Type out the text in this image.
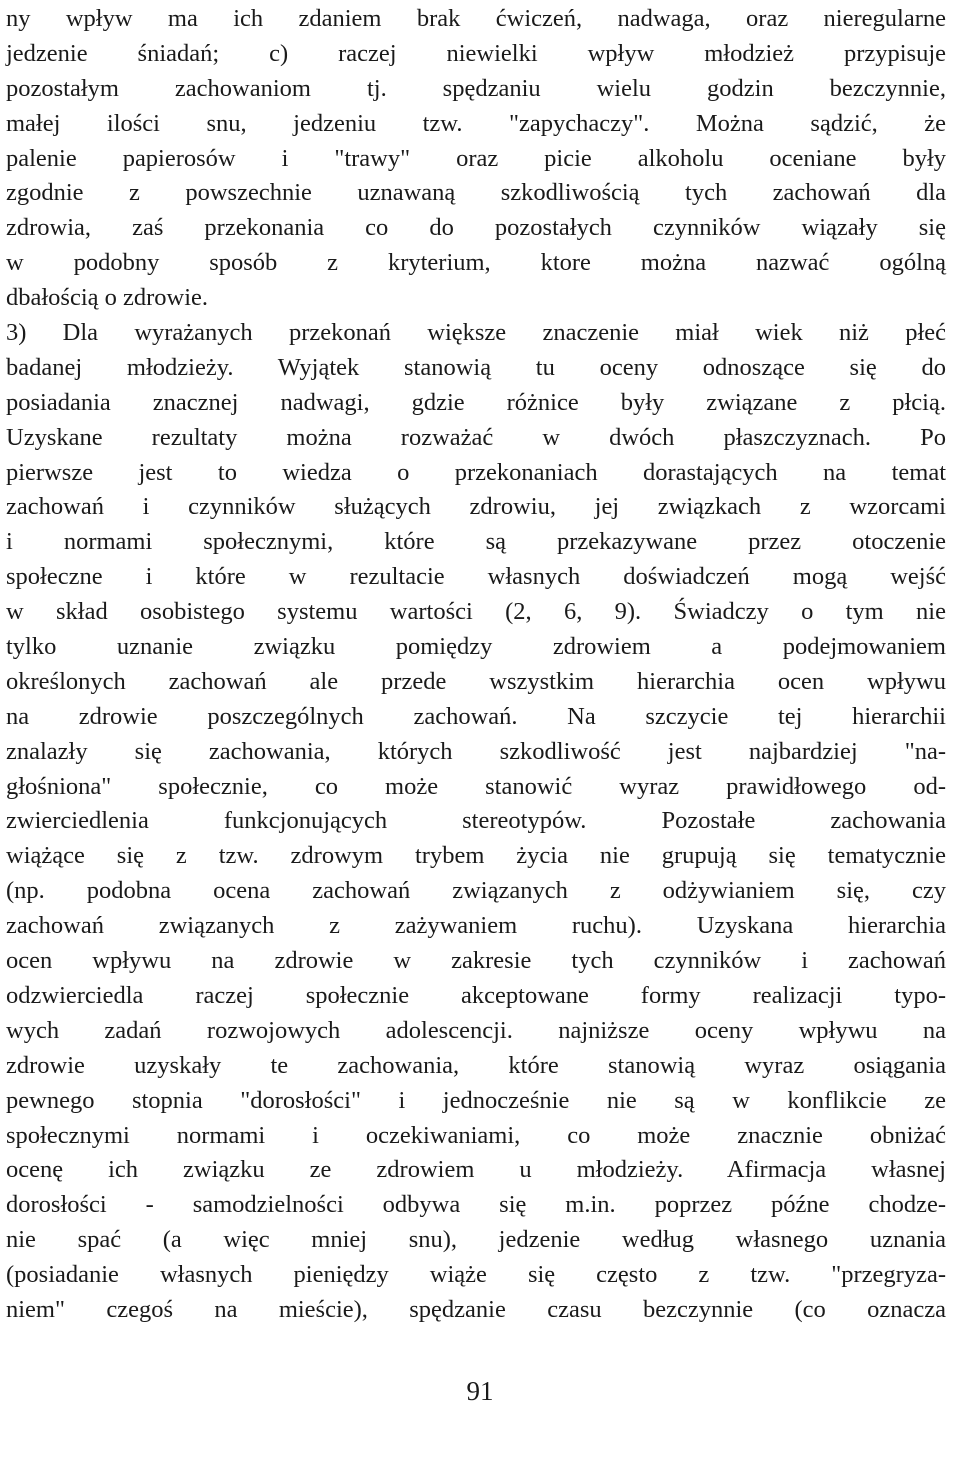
ny wpływ ma ich zdaniem brak ćwiczeń, nadwaga, oraz nieregularne
jedzenie śniadań; c) raczej niewielki wpływ młodzież przypisuje
pozostałym zachowaniom tj. spędzaniu wielu godzin bezczynnie,
małej ilości snu, jedzeniu tzw. "zapychaczy". Można sądzić, że
palenie papierosów i "trawy" oraz picie alkoholu oceniane były
zgodnie z powszechnie uznawaną szkodliwością tych zachowań dla
zdrowia, zaś przekonania co do pozostałych czynników wiązały się
w podobny sposób z kryterium, ktore można nazwać ogólną
dbałością o zdrowie.
3) Dla wyrażanych przekonań większe znaczenie miał wiek niż płeć
badanej młodzieży. Wyjątek stanowią tu oceny odnoszące się do
posiadania znacznej nadwagi, gdzie różnice były związane z płcią.
Uzyskane rezultaty można rozważać w dwóch płaszczyznach. Po
pierwsze jest to wiedza o przekonaniach dorastających na temat
zachowań i czynników służących zdrowiu, jej związkach z wzorcami
i normami społecznymi, które są przekazywane przez otoczenie
społeczne i które w rezultacie własnych doświadczeń mogą wejść
w skład osobistego systemu wartości (2, 6, 9). Świadczy o tym nie
tylko uznanie związku pomiędzy zdrowiem a podejmowaniem
określonych zachowań ale przede wszystkim hierarchia ocen wpływu
na zdrowie poszczególnych zachowań. Na szczycie tej hierarchii
znalazły się zachowania, których szkodliwość jest najbardziej "na-
głośniona" społecznie, co może stanowić wyraz prawidłowego od-
zwierciedlenia funkcjonujących stereotypów. Pozostałe zachowania
wiążące się z tzw. zdrowym trybem życia nie grupują się tematycznie
(np. podobna ocena zachowań związanych z odżywianiem się, czy
zachowań związanych z zażywaniem ruchu). Uzyskana hierarchia
ocen wpływu na zdrowie w zakresie tych czynników i zachowań
odzwierciedla raczej społecznie akceptowane formy realizacji typo-
wych zadań rozwojowych adolescencji. najniższe oceny wpływu na
zdrowie uzyskały te zachowania, które stanowią wyraz osiągania
pewnego stopnia "dorosłości" i jednocześnie nie są w konflikcie ze
społecznymi normami i oczekiwaniami, co może znacznie obniżać
ocenę ich związku ze zdrowiem u młodzieży. Afirmacja własnej
dorosłości - samodzielności odbywa się m.in. poprzez późne chodze-
nie spać (a więc mniej snu), jedzenie według własnego uznania
(posiadanie własnych pieniędzy wiąże się często z tzw. "przegryza-
niem" czegoś na mieście), spędzanie czasu bezczynnie (co oznacza
91
